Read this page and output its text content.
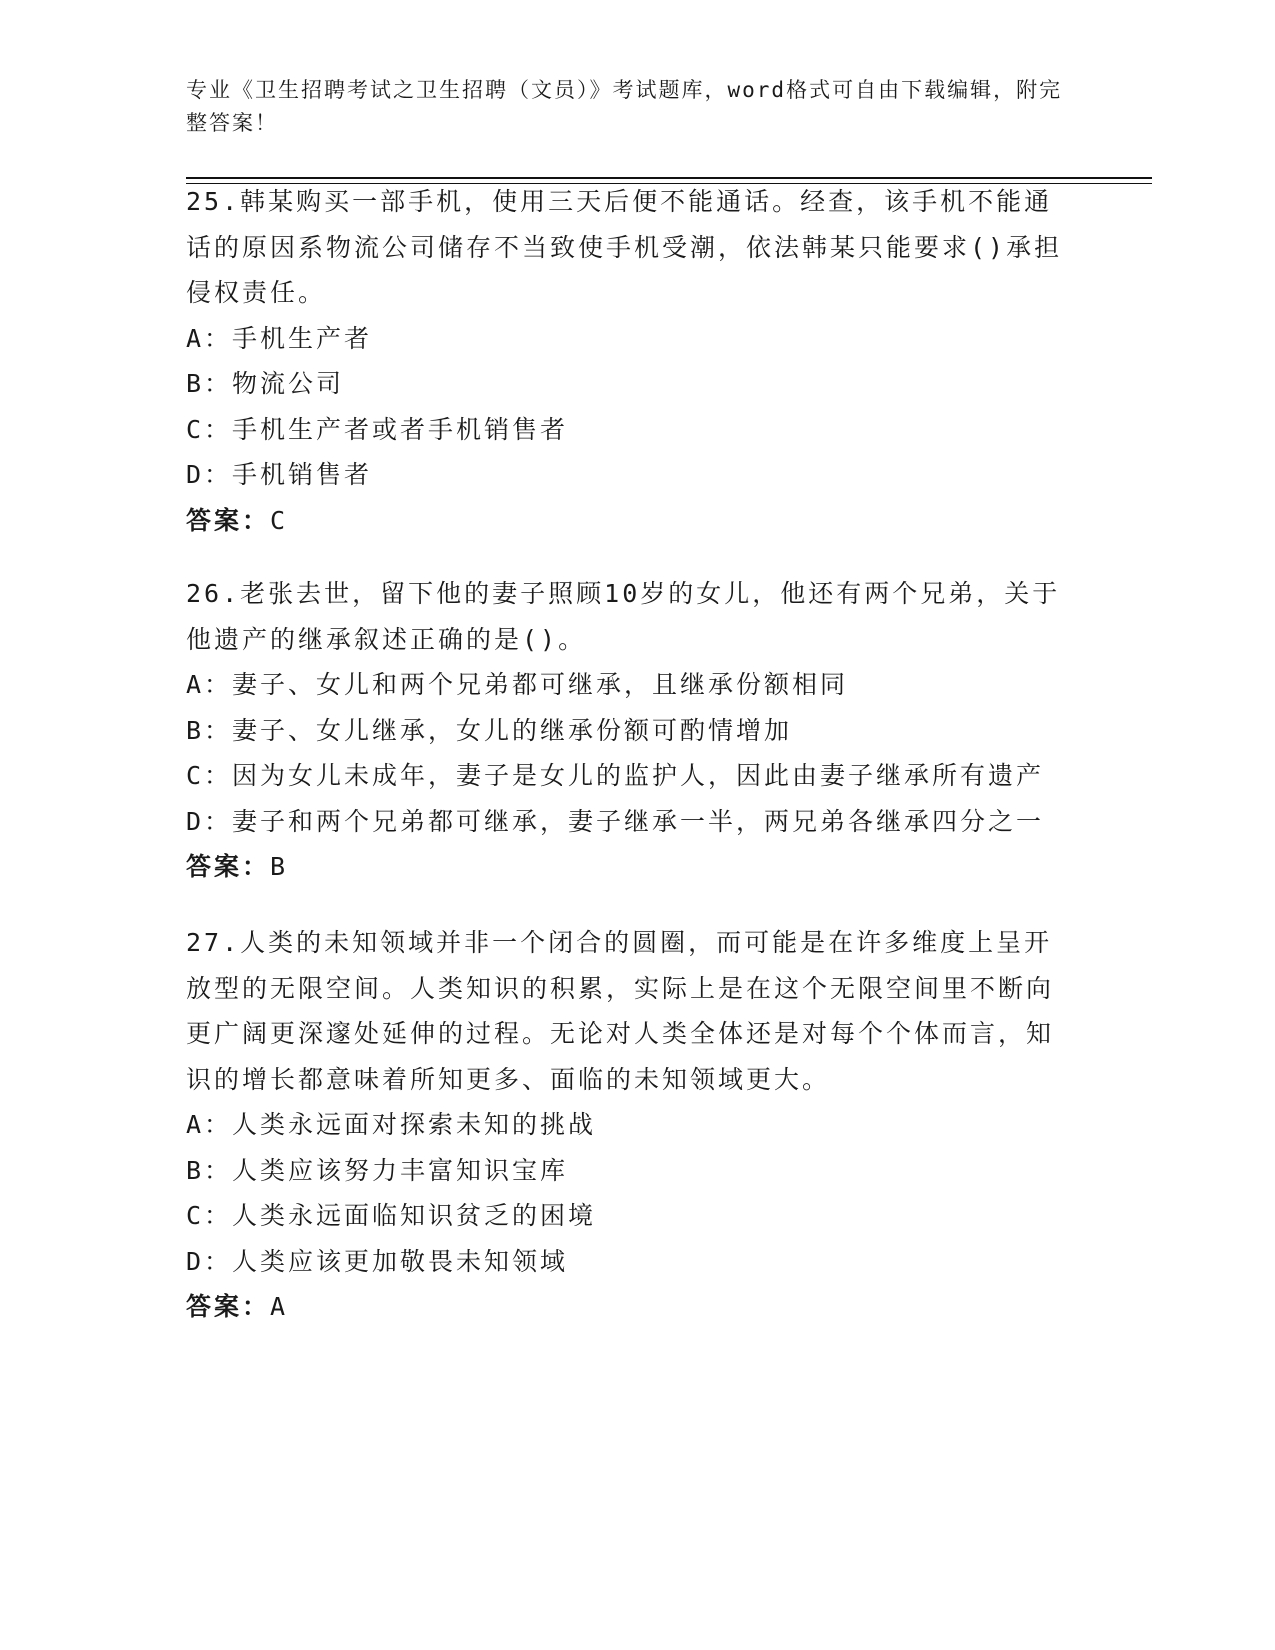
专业《卫生招聘考试之卫生招聘（文员）》考试题库，word格式可自由下载编辑，附完整答案！

25.韩某购买一部手机，使用三天后便不能通话。经查，该手机不能通话的原因系物流公司储存不当致使手机受潮，依法韩某只能要求()承担侵权责任。

A：手机生产者

B：物流公司

C：手机生产者或者手机销售者

D：手机销售者

答案：C

26.老张去世，留下他的妻子照顾10岁的女儿，他还有两个兄弟，关于他遗产的继承叙述正确的是()。

A：妻子、女儿和两个兄弟都可继承，且继承份额相同

B：妻子、女儿继承，女儿的继承份额可酌情增加

C：因为女儿未成年，妻子是女儿的监护人，因此由妻子继承所有遗产

D：妻子和两个兄弟都可继承，妻子继承一半，两兄弟各继承四分之一

答案：B

27.人类的未知领域并非一个闭合的圆圈，而可能是在许多维度上呈开放型的无限空间。人类知识的积累，实际上是在这个无限空间里不断向更广阔更深邃处延伸的过程。无论对人类全体还是对每个个体而言，知识的增长都意味着所知更多、面临的未知领域更大。

A：人类永远面对探索未知的挑战

B：人类应该努力丰富知识宝库

C：人类永远面临知识贫乏的困境

D：人类应该更加敬畏未知领域

答案：A
